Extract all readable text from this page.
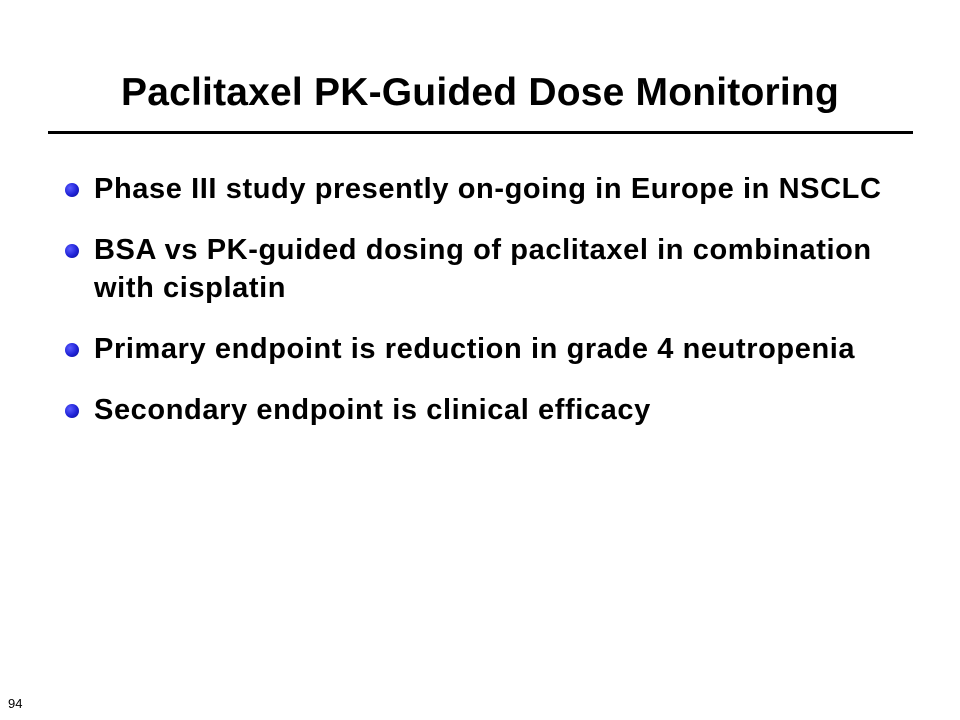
Paclitaxel PK-Guided Dose Monitoring
Phase III study presently on-going in Europe in NSCLC
BSA vs PK-guided dosing of paclitaxel in combination with cisplatin
Primary endpoint is reduction in grade 4 neutropenia
Secondary endpoint is clinical efficacy
94
